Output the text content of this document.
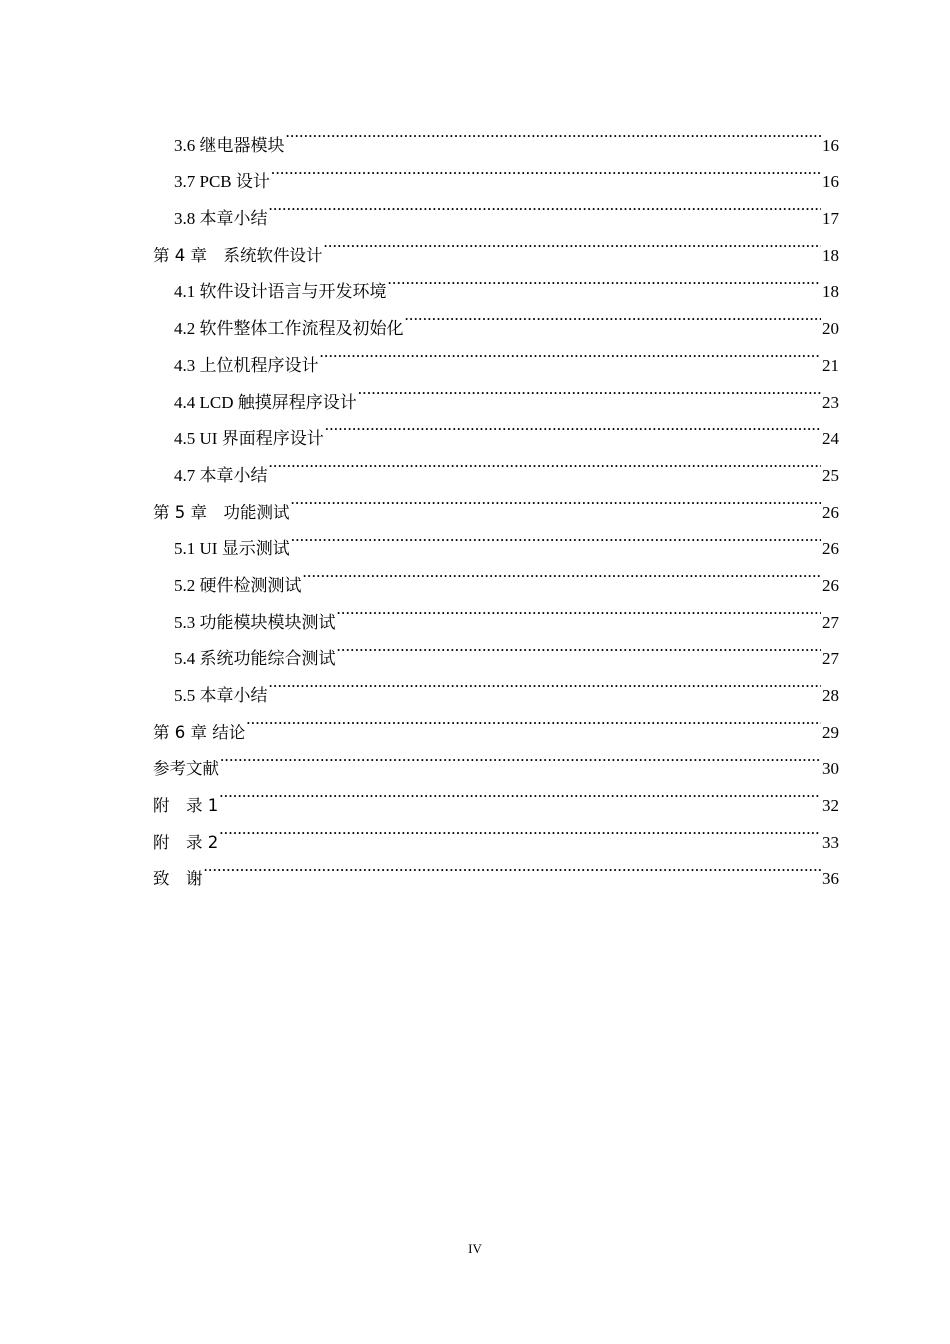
3.6 继电器模块 .....	16
3.7 PCB 设计 .....	16
3.8 本章小结 .....	17
第 4 章　系统软件设计 .....	18
4.1 软件设计语言与开发环境 .....	18
4.2 软件整体工作流程及初始化 .....	20
4.3 上位机程序设计 .....	21
4.4 LCD 触摸屏程序设计 .....	23
4.5 UI 界面程序设计 .....	24
4.7 本章小结 .....	25
第 5 章　功能测试 .....	26
5.1 UI 显示测试 .....	26
5.2 硬件检测测试 .....	26
5.3 功能模块模块测试 .....	27
5.4 系统功能综合测试 .....	27
5.5 本章小结 .....	28
第 6 章 结论 .....	29
参考文献 .....	30
附　录 1 .....	32
附　录 2 .....	33
致　谢 .....	36
IV
